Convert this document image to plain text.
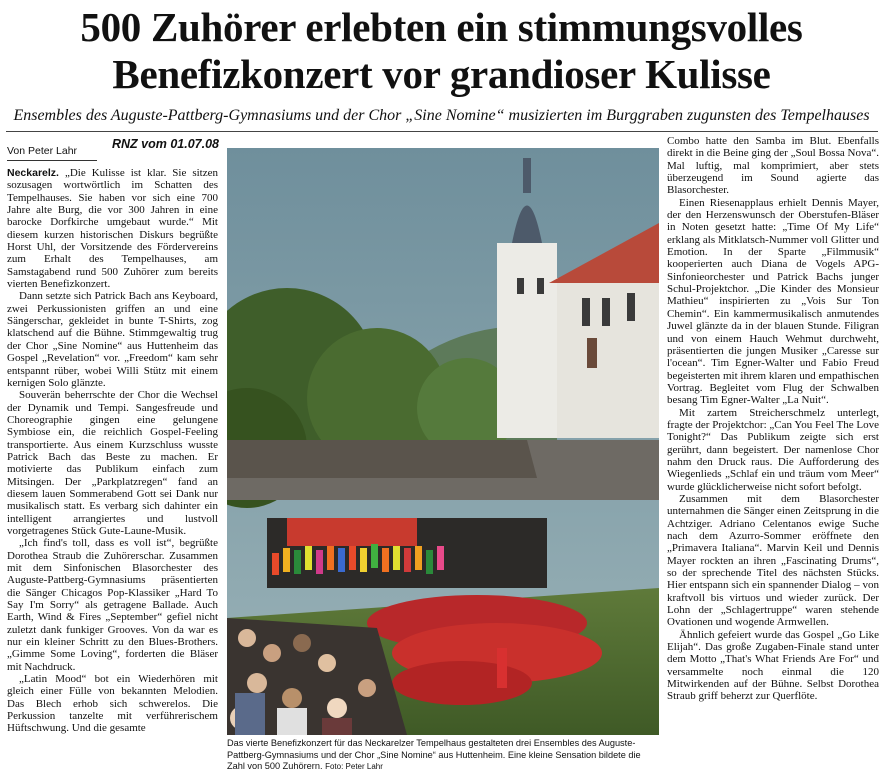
500 Zuhörer erlebten ein stimmungsvolles
Benefizkonzert vor grandioser Kulisse
Ensembles des Auguste-Pattberg-Gymnasiums und der Chor „Sine Nomine“ musizierten im Burggraben zugunsten des Tempelhauses
Von Peter Lahr	RNZ vom 01.07.08

Neckarelz. „Die Kulisse ist klar. Sie sitzen sozusagen wortwörtlich im Schatten des Tempelhauses. Sie haben vor sich eine 700 Jahre alte Burg, die vor 300 Jahren in eine barocke Dorfkirche umgebaut wurde.“ Mit diesem kurzen historischen Diskurs begrüßte Horst Uhl, der Vorsitzende des Fördervereins zum Erhalt des Tempelhauses, am Samstagabend rund 500 Zuhörer zum bereits vierten Benefizkonzert.

Dann setzte sich Patrick Bach ans Keyboard, zwei Perkussionisten griffen an und eine Sängerschar, gekleidet in bunte T-Shirts, zog klatschend auf die Bühne. Stimmgewaltig trug der Chor „Sine Nomine“ aus Huttenheim das Gospel „Revelation“ vor. „Freedom“ kam sehr entspannt rüber, wobei Willi Stütz mit einem kernigen Solo glänzte.

Souverän beherrschte der Chor die Wechsel der Dynamik und Tempi. Sangesfreude und Choreographie gingen eine gelungene Symbiose ein, die reichlich Gospel-Feeling transportierte. Aus einem Kurzschluss wusste Patrick Bach das Beste zu machen. Er motivierte das Publikum einfach zum Mitsingen. Der „Parkplatzregen“ fand an diesem lauen Sommerabend Gott sei Dank nur musikalisch statt. Es verbarg sich dahinter ein intelligent arrangiertes und lustvoll vorgetragenes Stück Gute-Laune-Musik.

„Ich find's toll, dass es voll ist“, begrüßte Dorothea Straub die Zuhörerschar. Zusammen mit dem Sinfonischen Blasorchester des Auguste-Pattberg-Gymnasiums präsentierten die Sänger Chicagos Pop-Klassiker „Hard To Say I'm Sorry“ als getragene Ballade. Auch Earth, Wind & Fires „September“ gefiel nicht zuletzt dank funkiger Grooves. Von da war es nur ein kleiner Schritt zu den Blues-Brothers. „Gimme Some Loving“, forderten die Bläser mit Nachdruck.

„Latin Mood“ bot ein Wiederhören mit gleich einer Fülle von bekannten Melodien. Das Blech erhob sich schwerelos. Die Perkussion tanzelte mit verführerischem Hüftschwung. Und die gesamte

Das vierte Benefizkonzert für das Neckarelzer Tempelhaus gestalteten drei Ensembles des Auguste-Pattberg-Gymnasiums und der Chor „Sine Nomine“ aus Huttenheim. Eine kleine Sensation bildete die Zahl von 500 Zuhörern. Foto: Peter Lahr

Combo hatte den Samba im Blut. Ebenfalls direkt in die Beine ging der „Soul Bossa Nova“. Mal luftig, mal komprimiert, aber stets überzeugend im Sound agierte das Blasorchester.

Einen Riesenapplaus erhielt Dennis Mayer, der den Herzenswunsch der Oberstufen-Bläser in Noten gesetzt hatte: „Time Of My Life“ erklang als Mitklatsch-Nummer voll Glitter und Emotion. In der Sparte „Filmmusik“ kooperierten auch Diana de Vogels APG-Sinfonieorchester und Patrick Bachs junger Schul-Projektchor. „Die Kinder des Monsieur Mathieu“ inspirierten zu „Vois Sur Ton Chemin“. Ein kammermusikalisch anmutendes Juwel glänzte da in der blauen Stunde. Filigran und von einem Hauch Wehmut durchweht, präsentierten die jungen Musiker „Caresse sur l'ocean“. Tim Egner-Walter und Fabio Freud begeisterten mit ihrem klaren und empathischen Vortrag. Begleitet vom Flug der Schwalben besang Tim Egner-Walter „La Nuit“.

Mit zartem Streicherschmelz unterlegt, fragte der Projektchor: „Can You Feel The Love Tonight?“ Das Publikum zeigte sich erst gerührt, dann begeistert. Der namenlose Chor nahm den Druck raus. Die Aufforderung des Wiegenlieds „Schlaf ein und träum vom Meer“ wurde glücklicherweise nicht sofort befolgt.

Zusammen mit dem Blasorchester unternahmen die Sänger einen Zeitsprung in die Achtziger. Adriano Celentanos ewige Suche nach dem Azurro-Sommer eröffnete den „Primavera Italiana“. Marvin Keil und Dennis Mayer rockten an ihren „Fascinating Drums“, so der sprechende Titel des nächsten Stücks. Hier entspann sich ein spannender Dialog – von kraftvoll bis virtuos und wieder zurück. Der Lohn der „Schlagertruppe“ waren stehende Ovationen und wogende Armwellen.

Ähnlich gefeiert wurde das Gospel „Go Like Elijah“. Das große Zugaben-Finale stand unter dem Motto „That's What Friends Are For“ und versammelte noch einmal die 120 Mitwirkenden auf der Bühne. Selbst Dorothea Straub griff beherzt zur Querflöte.
